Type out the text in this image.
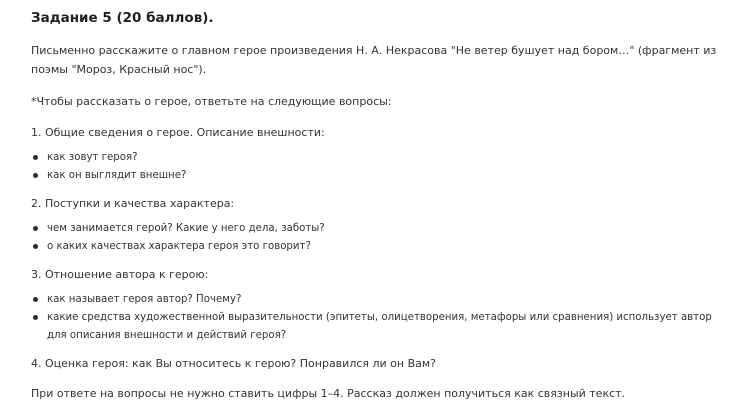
Задание 5 (20 баллов).
Письменно расскажите о главном герое произведения Н. А. Некрасова "Не ветер бушует над бором…" (фрагмент из поэмы "Мороз, Красный нос").
*Чтобы рассказать о герое, ответьте на следующие вопросы:
1. Общие сведения о герое. Описание внешности:
как зовут героя?
как он выглядит внешне?
2. Поступки и качества характера:
чем занимается герой? Какие у него дела, заботы?
о каких качествах характера героя это говорит?
3. Отношение автора к герою:
как называет героя автор? Почему?
какие средства художественной выразительности (эпитеты, олицетворения, метафоры или сравнения) использует автор для описания внешности и действий героя?
4. Оценка героя: как Вы относитесь к герою? Понравился ли он Вам?
При ответе на вопросы не нужно ставить цифры 1–4. Рассказ должен получиться как связный текст.
